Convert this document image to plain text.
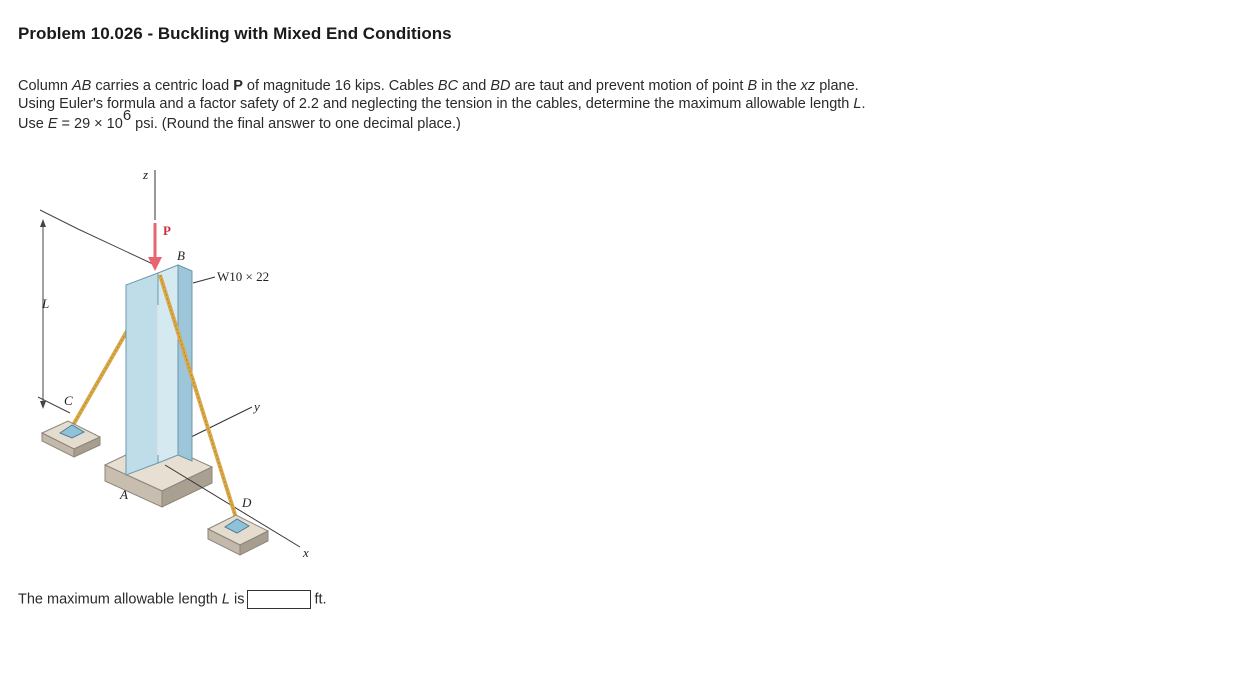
Problem 10.026 - Buckling with Mixed End Conditions
Column AB carries a centric load P of magnitude 16 kips. Cables BC and BD are taut and prevent motion of point B in the xz plane.
Using Euler's formula and a factor safety of 2.2 and neglecting the tension in the cables, determine the maximum allowable length L.
Use $E = 29 \times 10^6$ psi. (Round the final answer to one decimal place.)
L
z
C
A
x
y
D
P
B
W10 × 22
The maximum allowable length L is	ft.
